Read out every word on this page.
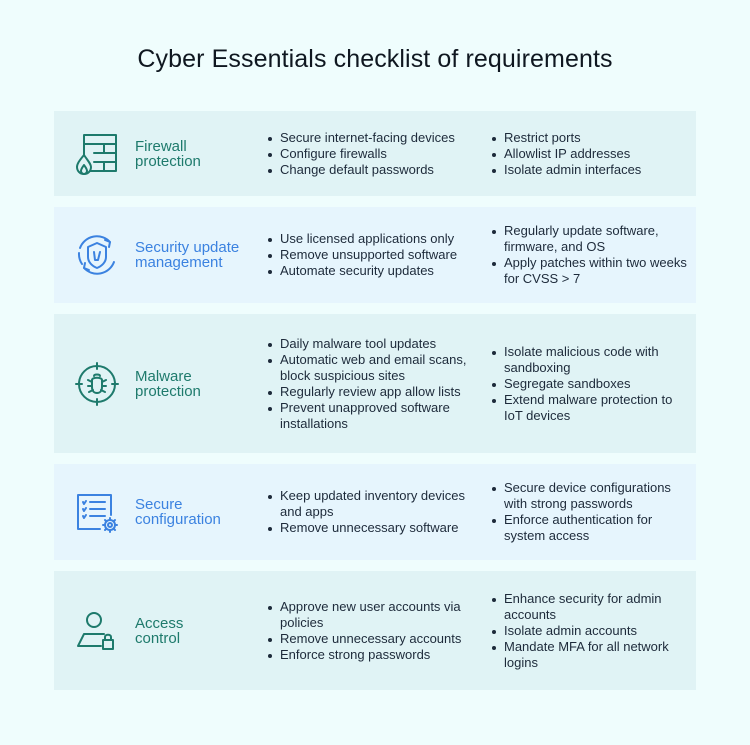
Cyber Essentials checklist of requirements
Firewall
protection
Secure internet-facing devices
Configure firewalls
Change default passwords
Restrict ports
Allowlist IP addresses
Isolate admin interfaces
Security update
management
Use licensed applications only
Remove unsupported software
Automate security updates
Regularly update software, firmware, and OS
Apply patches within two weeks for CVSS > 7
Malware
protection
Daily malware tool updates
Automatic web and email scans, block suspicious sites
Regularly review app allow lists
Prevent unapproved software installations
Isolate malicious code with sandboxing
Segregate sandboxes
Extend malware protection to IoT devices
Secure
configuration
Keep updated inventory devices and apps
Remove unnecessary software
Secure device configurations with strong passwords
Enforce authentication for system access
Access
control
Approve new user accounts via policies
Remove unnecessary accounts
Enforce strong passwords
Enhance security for admin accounts
Isolate admin accounts
Mandate MFA for all network logins
